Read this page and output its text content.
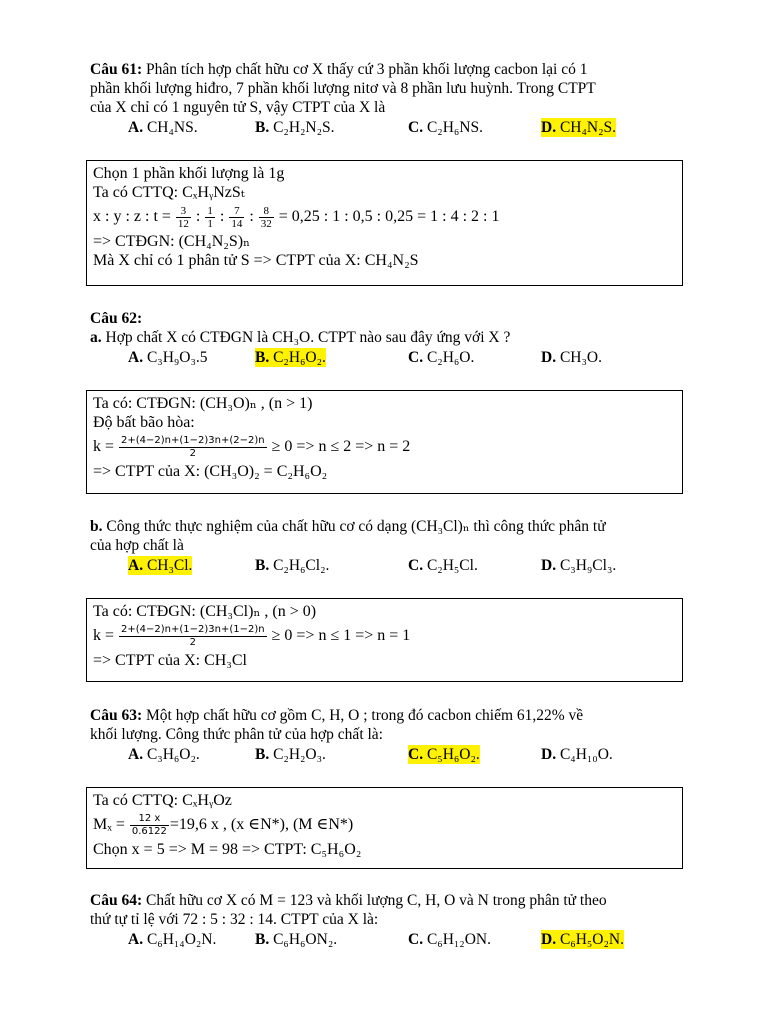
Câu 61: Phân tích hợp chất hữu cơ X thấy cứ 3 phần khối lượng cacbon lại có 1
phần khối lượng hiđro, 7 phần khối lượng nitơ và 8 phần lưu huỳnh. Trong CTPT
của X chỉ có 1 nguyên tử S, vậy CTPT của X là
A. CH₄NS.	B. C₂H₂N₂S.	C. C₂H₆NS.	D. CH₄N₂S.
Chọn 1 phần khối lượng là 1g
Ta có CTTQ: CₓHᵧNzSₜ
x : y : z : $t = \frac{3}{12}$ : $\frac{1}{1}$ : $\frac{7}{14}$ : $\frac{8}{32} = 0,25$ : 1 : 0,5 : 0,25 = 1 : 4 : 2 : 1
=> CTĐGN: (CH₄N₂S)ₙ
Mà X chỉ có 1 phân tử S => CTPT của X: CH₄N₂S
Câu 62:
a. Hợp chất X có CTĐGN là CH₃O. CTPT nào sau đây ứng với X ?
A. C₃H₉O₃.5	B. C₂H₆O₂.	C. C₂H₆O.	D. CH₃O.
Ta có: CTĐGN: (CH₃O)ₙ , (n > 1)
Độ bất bão hòa:
$k = \frac{2+(4-2)n+(1-2)3n+(2-2)n}{2} \ge 0 => n \le 2 => n = 2$
=> CTPT của X: (CH₃O)₂ = C₂H₆O₂
b. Công thức thực nghiệm của chất hữu cơ có dạng (CH₃Cl)ₙ thì công thức phân tử
của hợp chất là
A. CH₃Cl.	B. C₂H₆Cl₂.	C. C₂H₅Cl.	D. C₃H₉Cl₃.
Ta có: CTĐGN: (CH₃Cl)ₙ , (n > 0)
$k = \frac{2+(4-2)n+(1-2)3n+(1-2)n}{2} \ge 0 => n \le 1 => n = 1$
=> CTPT của X: CH₃Cl
Câu 63: Một hợp chất hữu cơ gồm C, H, O ; trong đó cacbon chiếm 61,22% về
khối lượng. Công thức phân tử của hợp chất là:
A. C₃H₆O₂.	B. C₂H₂O₃.	C. C₅H₆O₂.	D. C₄H₁₀O.
Ta có CTTQ: CₓHᵧOz
$M_x = \frac{12 x}{0.6122} =19,6$ x , (x ∈N*), (M ∈N*)
Chọn x = 5 => M = 98 => CTPT: C₅H₆O₂
Câu 64: Chất hữu cơ X có M = 123 và khối lượng C, H, O và N trong phân tử theo
thứ tự tỉ lệ với 72 : 5 : 32 : 14. CTPT của X là:
A. C₆H₁₄O₂N. B. C₆H₆ON₂.	C. C₆H₁₂ON.	D. C₆H₅O₂N.
